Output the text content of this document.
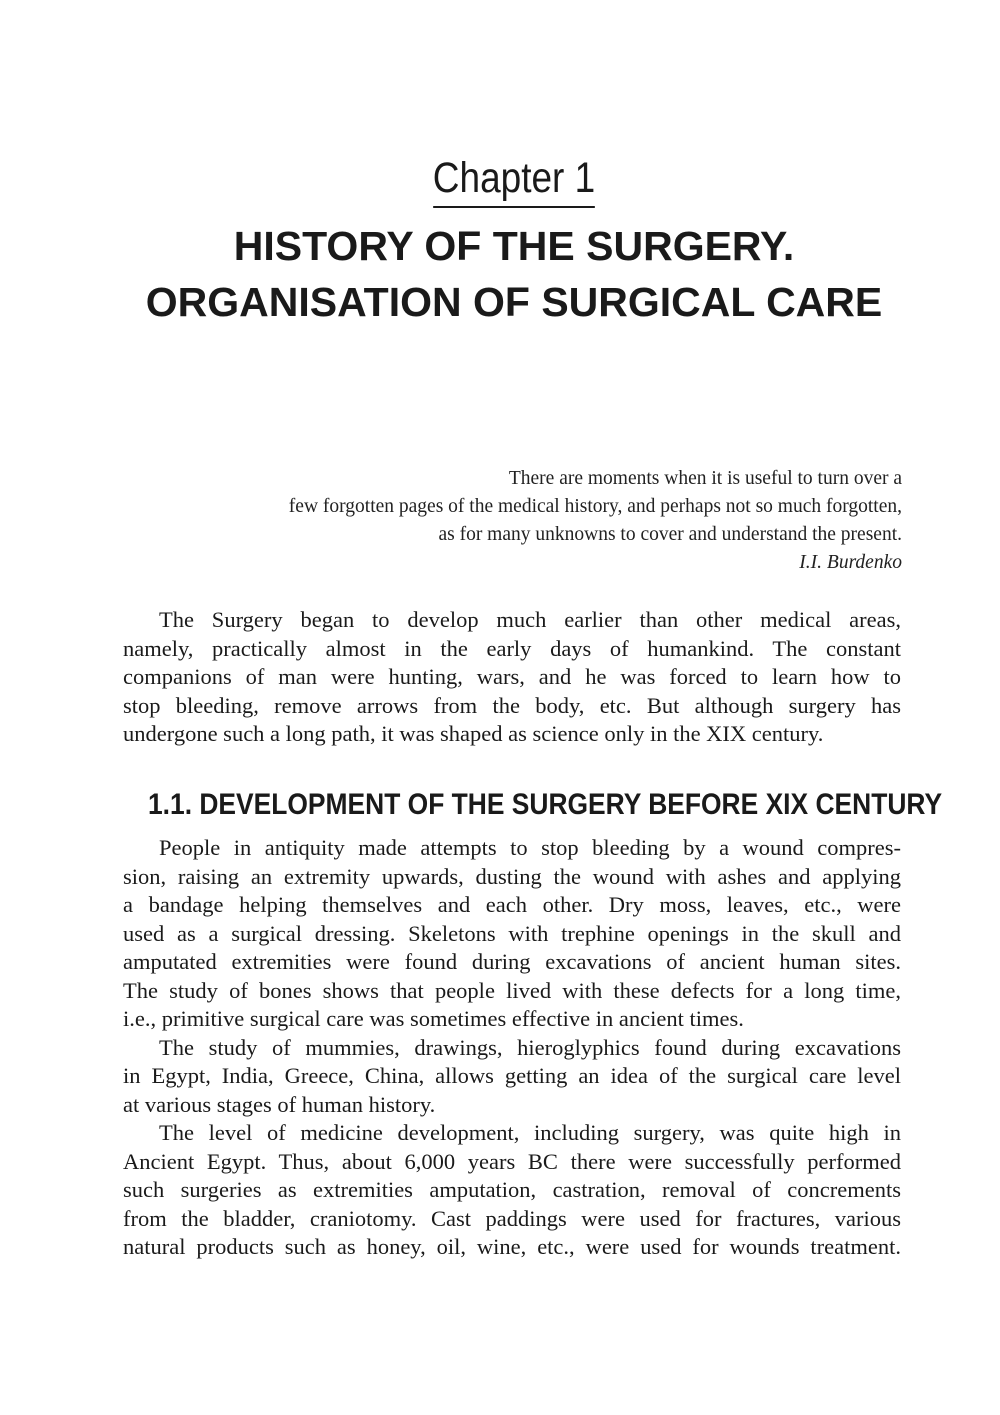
Chapter 1
HISTORY OF THE SURGERY.
ORGANISATION OF SURGICAL CARE
There are moments when it is useful to turn over a
few forgotten pages of the medical history, and perhaps not so much forgotten,
as for many unknowns to cover and understand the present.
I.I. Burdenko
The Surgery began to develop much earlier than other medical areas,
namely, practically almost in the early days of humankind. The constant
companions of man were hunting, wars, and he was forced to learn how to
stop bleeding, remove arrows from the body, etc. But although surgery has
undergone such a long path, it was shaped as science only in the XIX century.
1.1. DEVELOPMENT OF THE SURGERY BEFORE XIX CENTURY
People in antiquity made attempts to stop bleeding by a wound compres-
sion, raising an extremity upwards, dusting the wound with ashes and applying
a bandage helping themselves and each other. Dry moss, leaves, etc., were
used as a surgical dressing. Skeletons with trephine openings in the skull and
amputated extremities were found during excavations of ancient human sites.
The study of bones shows that people lived with these defects for a long time,
i.e., primitive surgical care was sometimes effective in ancient times.
The study of mummies, drawings, hieroglyphics found during excavations
in Egypt, India, Greece, China, allows getting an idea of the surgical care level
at various stages of human history.
The level of medicine development, including surgery, was quite high in
Ancient Egypt. Thus, about 6,000 years BC there were successfully performed
such surgeries as extremities amputation, castration, removal of concrements
from the bladder, craniotomy. Cast paddings were used for fractures, various
natural products such as honey, oil, wine, etc., were used for wounds treatment.
